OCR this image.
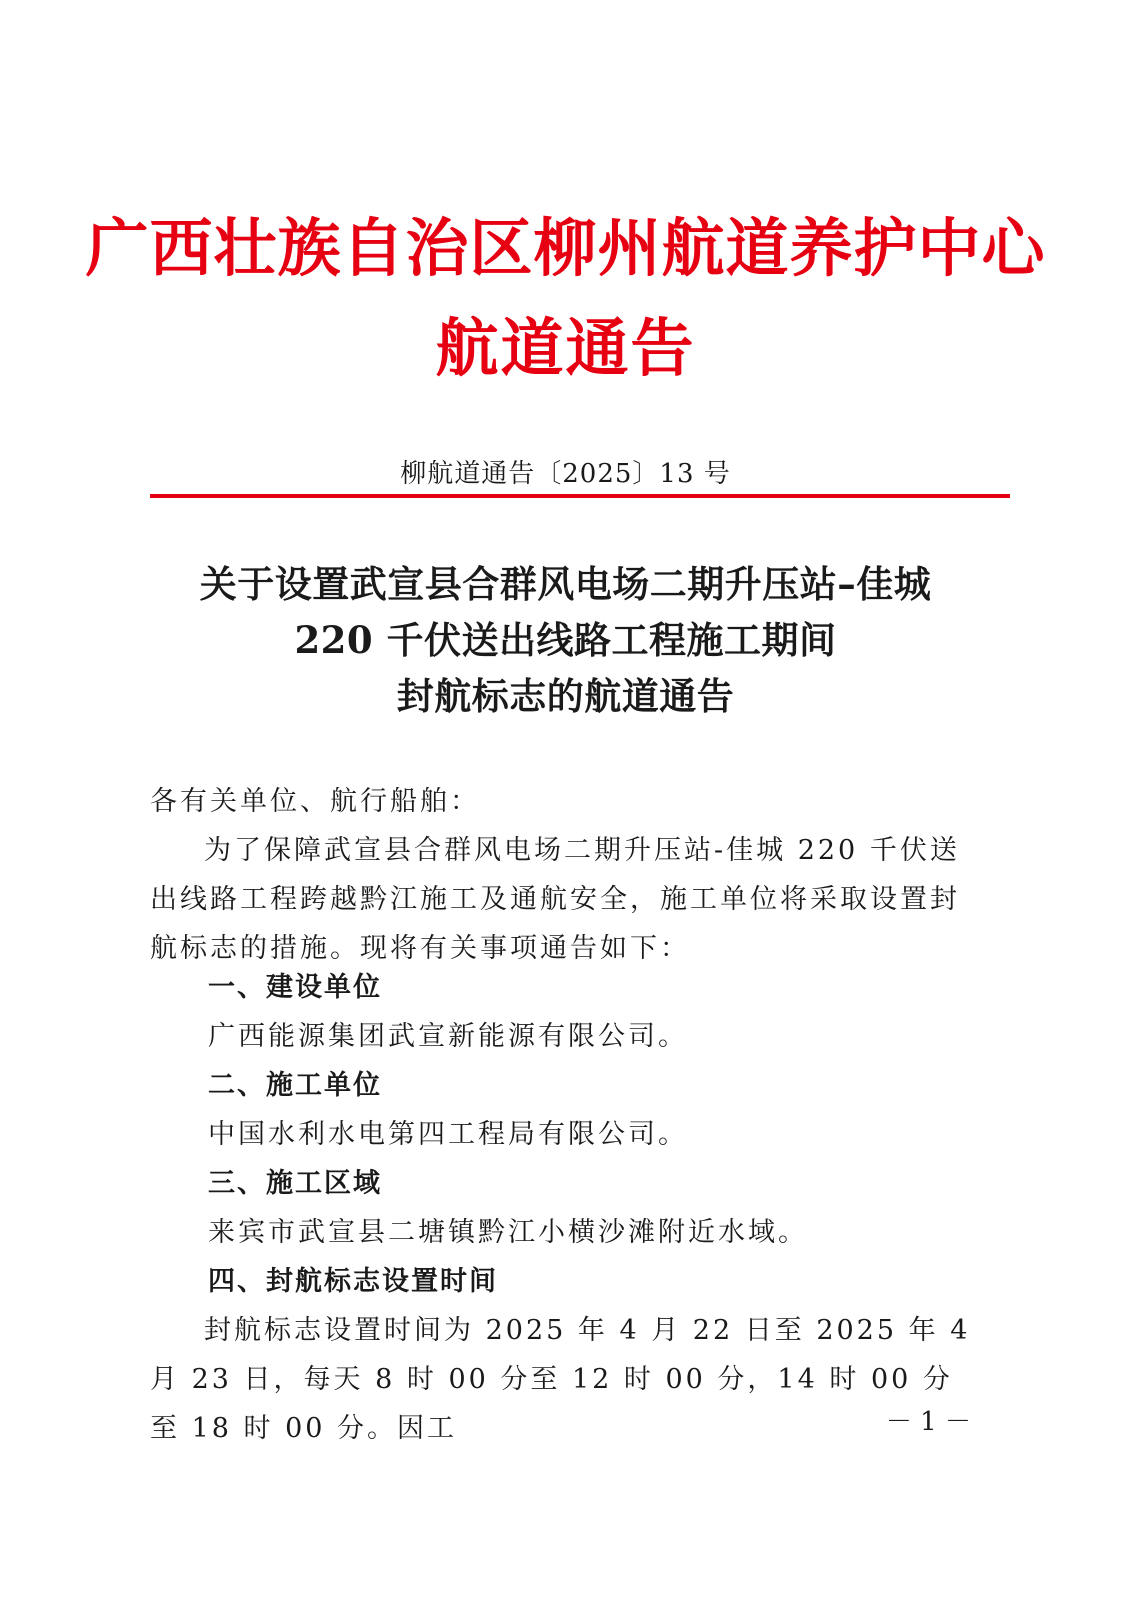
广西壮族自治区柳州航道养护中心
航道通告
柳航道通告〔2025〕13 号
关于设置武宣县合群风电场二期升压站–佳城
220 千伏送出线路工程施工期间
封航标志的航道通告
各有关单位、航行船舶：

为了保障武宣县合群风电场二期升压站-佳城 220 千伏送出线路工程跨越黔江施工及通航安全，施工单位将采取设置封航标志的措施。现将有关事项通告如下：

一、建设单位
广西能源集团武宣新能源有限公司。
二、施工单位
中国水利水电第四工程局有限公司。
三、施工区域
来宾市武宣县二塘镇黔江小横沙滩附近水域。
四、封航标志设置时间

封航标志设置时间为 2025 年 4 月 22 日至 2025 年 4 月 23 日，每天 8 时 00 分至 12 时 00 分，14 时 00 分至 18 时 00 分。因工	－ 1 －
